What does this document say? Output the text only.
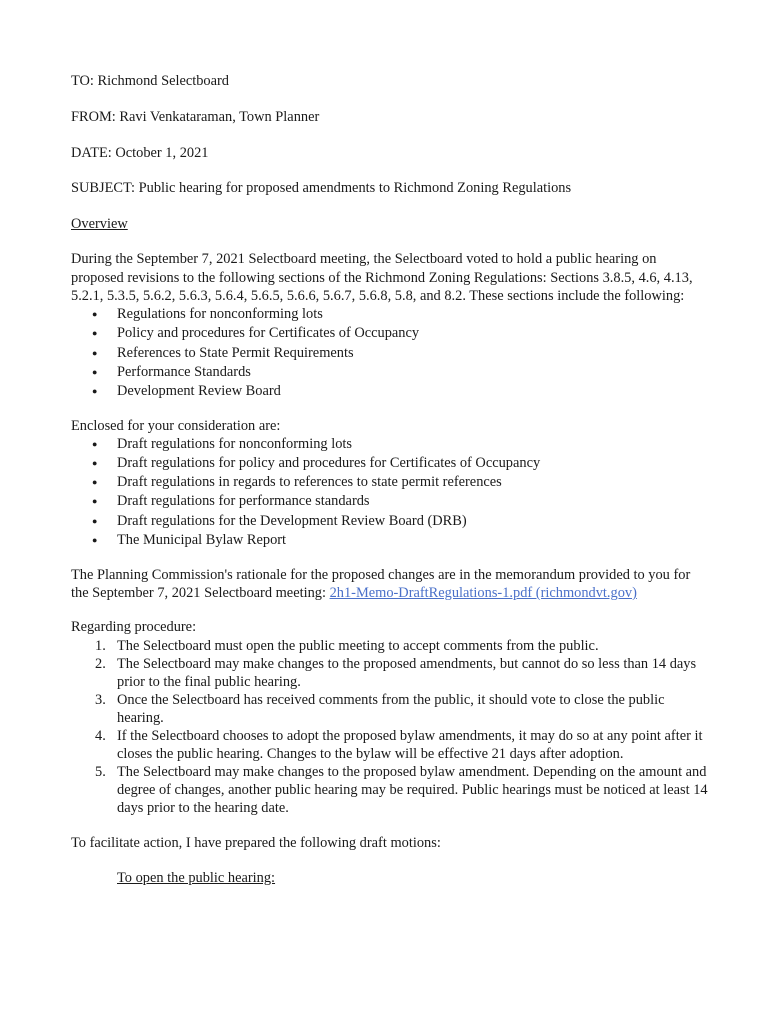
TO: Richmond Selectboard

FROM: Ravi Venkataraman, Town Planner

DATE: October 1, 2021

SUBJECT: Public hearing for proposed amendments to Richmond Zoning Regulations

Overview

During the September 7, 2021 Selectboard meeting, the Selectboard voted to hold a public hearing on proposed revisions to the following sections of the Richmond Zoning Regulations: Sections 3.8.5, 4.6, 4.13, 5.2.1, 5.3.5, 5.6.2, 5.6.3, 5.6.4, 5.6.5, 5.6.6, 5.6.7, 5.6.8, 5.8, and 8.2. These sections include the following:

● Regulations for nonconforming lots
● Policy and procedures for Certificates of Occupancy
● References to State Permit Requirements
● Performance Standards
● Development Review Board

Enclosed for your consideration are:

● Draft regulations for nonconforming lots
● Draft regulations for policy and procedures for Certificates of Occupancy
● Draft regulations in regards to references to state permit references
● Draft regulations for performance standards
● Draft regulations for the Development Review Board (DRB)
● The Municipal Bylaw Report

The Planning Commission's rationale for the proposed changes are in the memorandum provided to you for the September 7, 2021 Selectboard meeting: 2h1-Memo-DraftRegulations-1.pdf (richmondvt.gov)

Regarding procedure:

1. The Selectboard must open the public meeting to accept comments from the public.
2. The Selectboard may make changes to the proposed amendments, but cannot do so less than 14 days prior to the final public hearing.
3. Once the Selectboard has received comments from the public, it should vote to close the public hearing.
4. If the Selectboard chooses to adopt the proposed bylaw amendments, it may do so at any point after it closes the public hearing. Changes to the bylaw will be effective 21 days after adoption.
5. The Selectboard may make changes to the proposed bylaw amendment. Depending on the amount and degree of changes, another public hearing may be required. Public hearings must be noticed at least 14 days prior to the hearing date.

To facilitate action, I have prepared the following draft motions:

To open the public hearing:
